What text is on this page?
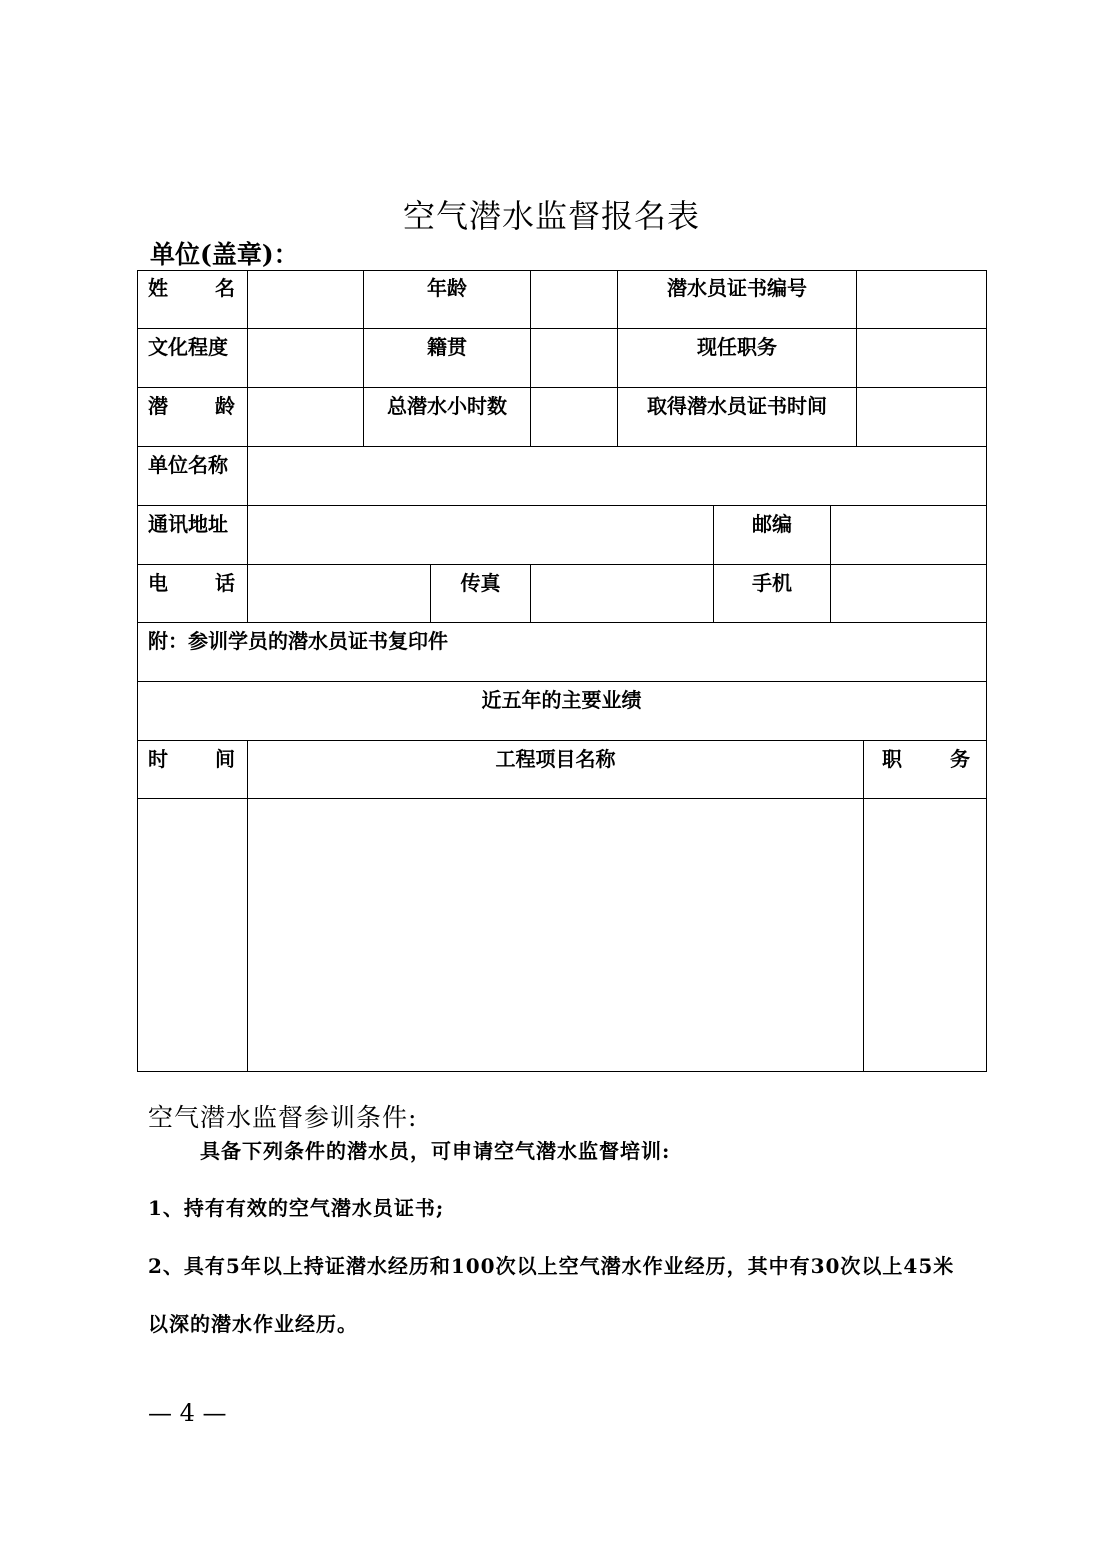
空气潜水监督报名表
单位(盖章)：
姓 名	年龄	潜水员证书编号
文化程度	籍贯	现任职务
潜 龄	总潜水小时数	取得潜水员证书时间
单位名称
通讯地址	邮编
电 话	传真	手机
附：参训学员的潜水员证书复印件
近五年的主要业绩
时 间	工程项目名称	职 务
空气潜水监督参训条件:
具备下列条件的潜水员，可申请空气潜水监督培训:
1、持有有效的空气潜水员证书;
2、具有5年以上持证潜水经历和100次以上空气潜水作业经历，其中有30次以上45米
以深的潜水作业经历。
— 4 —
